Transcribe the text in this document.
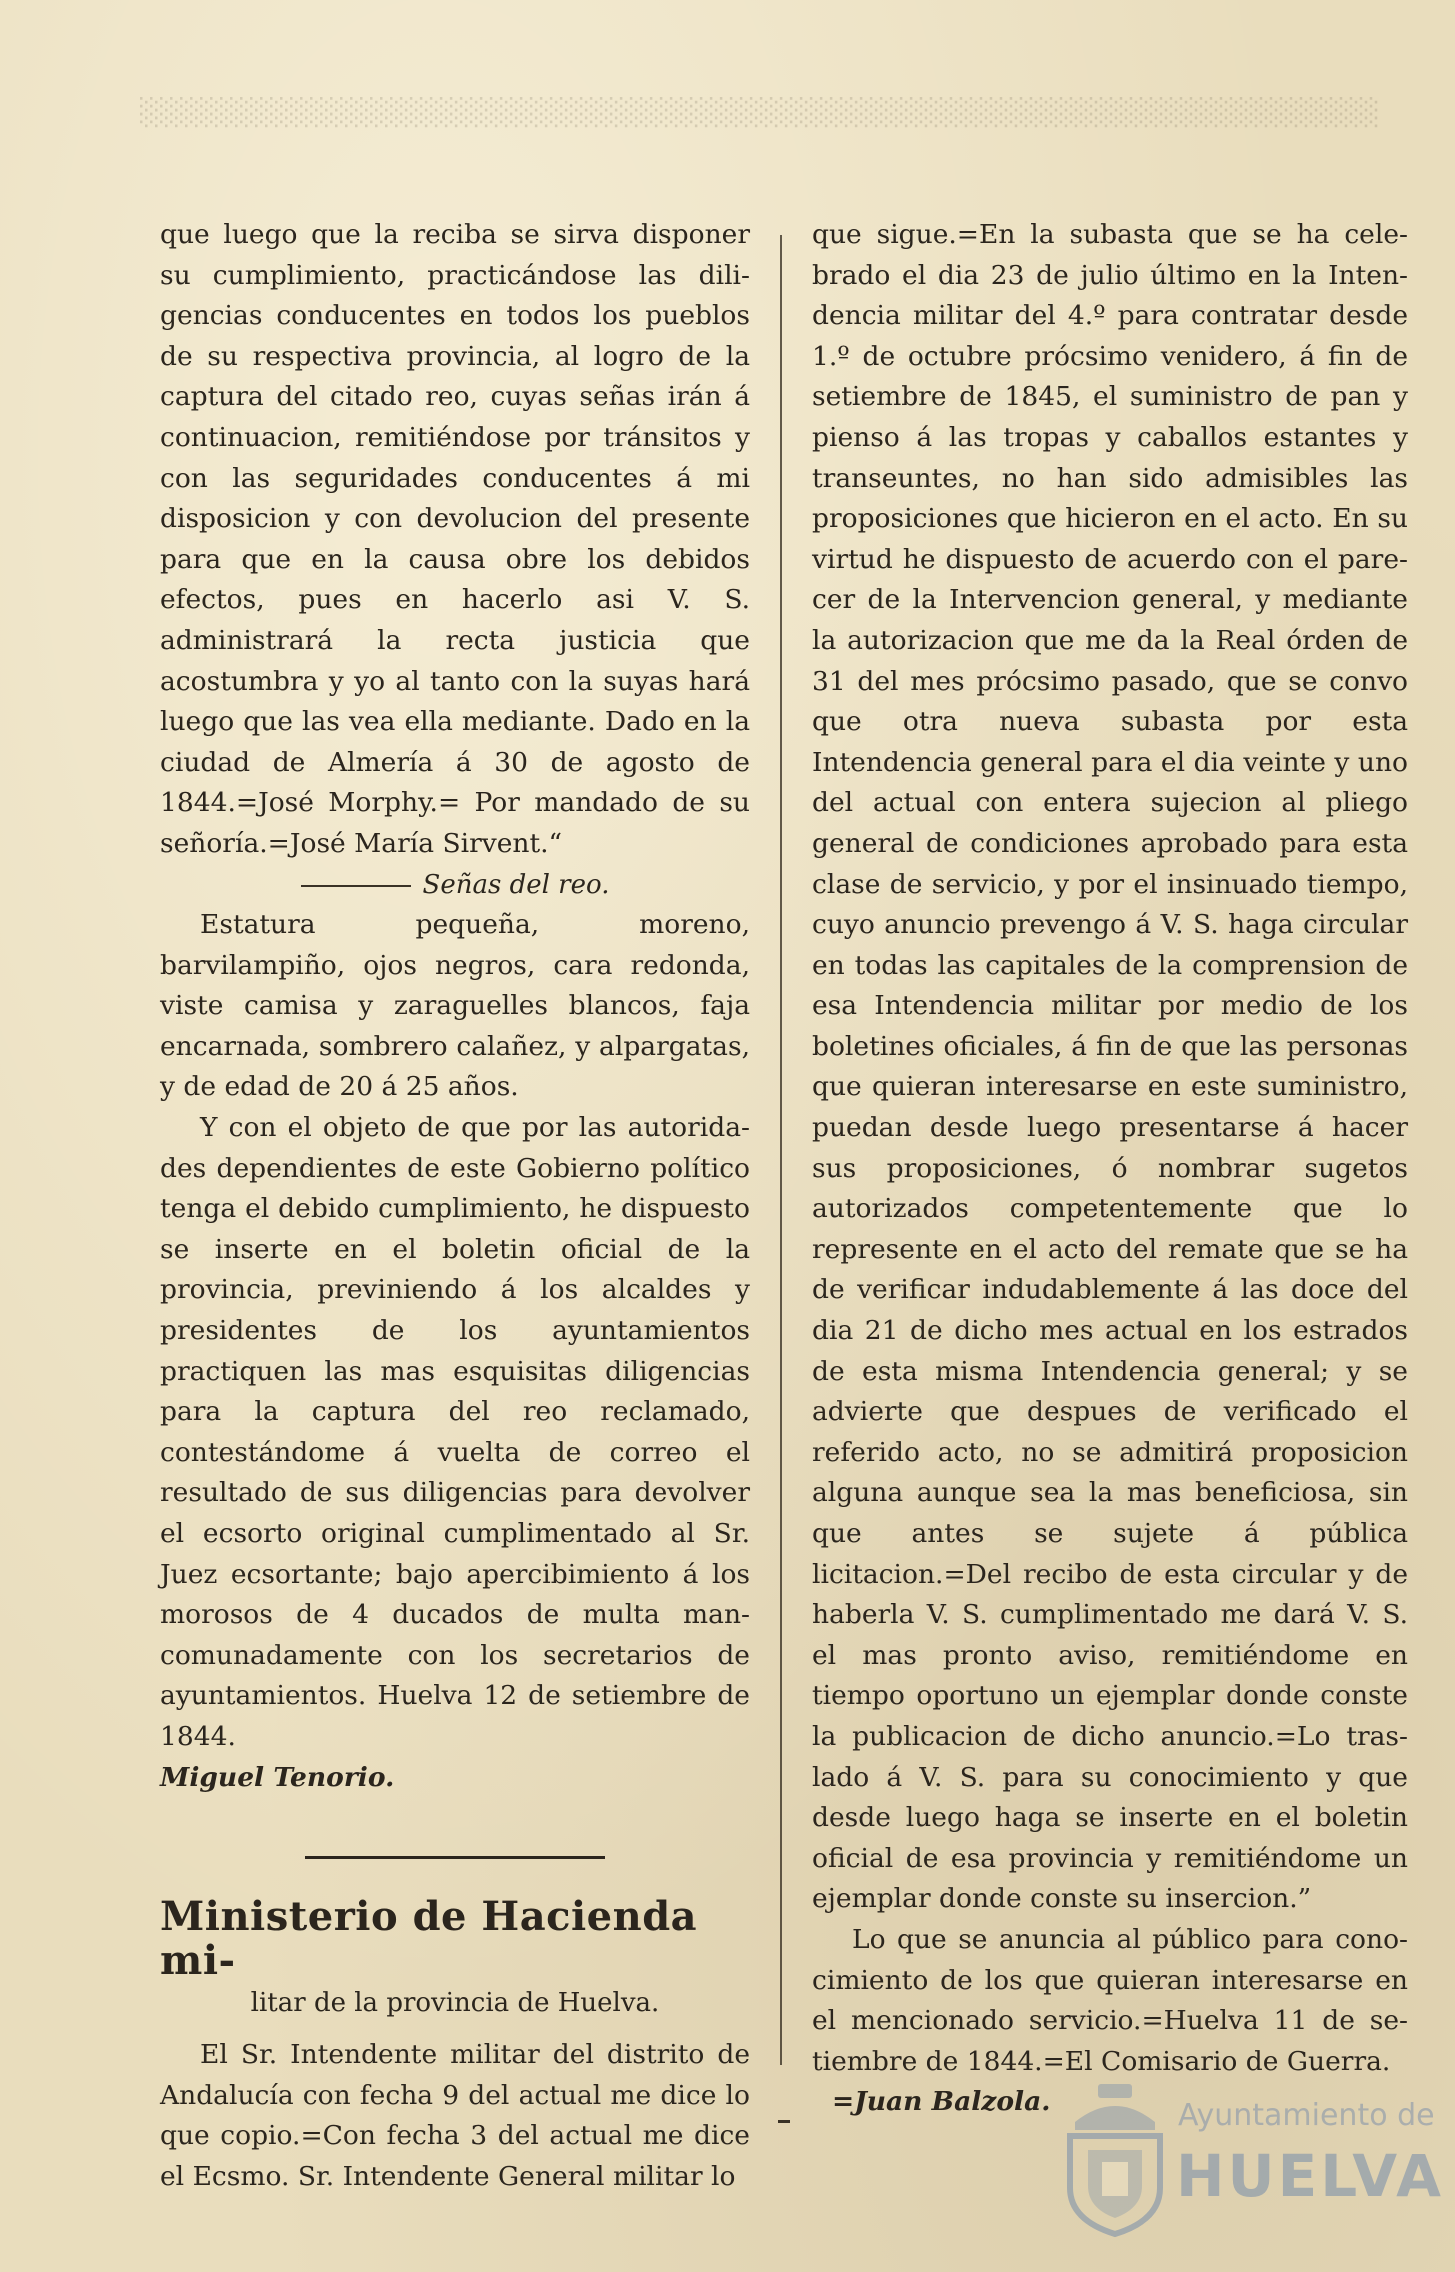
░░░░░░░░░░░░░░░░░░░░░░░░░░░░░░░░░░░░░░░░░░░░░░░░░░░░░░░░░░░░░░

que luego que la reciba se sirva disponer su cumplimiento, practicándose las diligencias conducentes en todos los pueblos de su respectiva provincia, al logro de la captura del citado reo, cuyas señas irán á continuacion, remitiéndose por tránsitos y con las seguridades conducentes á mi disposicion y con devolucion del presente para que en la causa obre los debidos efectos, pues en hacerlo asi V. S. administrará la recta justicia que acostumbra y yo al tanto con la suyas hará luego que las vea ella mediante. Dado en la ciudad de Almería á 30 de agosto de 1844.=José Morphy.= Por mandado de su señoría.=José María Sirvent.“

Señas del reo.

Estatura pequeña, moreno, barvilampiño, ojos negros, cara redonda, viste camisa y zaraguelles blancos, faja encarnada, sombrero calañez, y alpargatas, y de edad de 20 á 25 años.

Y con el objeto de que por las autoridades dependientes de este Gobierno político tenga el debido cumplimiento, he dispuesto se inserte en el boletin oficial de la provincia, previniendo á los alcaldes y presidentes de los ayuntamientos practiquen las mas esquisitas diligencias para la captura del reo reclamado, contestándome á vuelta de correo el resultado de sus diligencias para devolver el ecsorto original cumplimentado al Sr. Juez ecsortante; bajo apercibimiento á los morosos de 4 ducados de multa mancomunadamente con los secretarios de ayuntamientos. Huelva 12 de setiembre de 1844.

Miguel Tenorio.

Ministerio de Hacienda mi-
litar de la provincia de Huelva.

El Sr. Intendente militar del distrito de Andalucía con fecha 9 del actual me dice lo que copio.=Con fecha 3 del actual me dice el Ecsmo. Sr. Intendente General militar lo

que sigue.=En la subasta que se ha celebrado el dia 23 de julio último en la Intendencia militar del 4.º para contratar desde 1.º de octubre prócsimo venidero, á fin de setiembre de 1845, el suministro de pan y pienso á las tropas y caballos estantes y transeuntes, no han sido admisibles las proposiciones que hicieron en el acto. En su virtud he dispuesto de acuerdo con el parecer de la Intervencion general, y mediante la autorizacion que me da la Real órden de 31 del mes prócsimo pasado, que se convo que otra nueva subasta por esta Intendencia general para el dia veinte y uno del actual con entera sujecion al pliego general de condiciones aprobado para esta clase de servicio, y por el insinuado tiempo, cuyo anuncio prevengo á V. S. haga circular en todas las capitales de la comprension de esa Intendencia militar por medio de los boletines oficiales, á fin de que las personas que quieran interesarse en este suministro, puedan desde luego presentarse á hacer sus proposiciones, ó nombrar sugetos autorizados competentemente que lo represente en el acto del remate que se ha de verificar indudablemente á las doce del dia 21 de dicho mes actual en los estrados de esta misma Intendencia general; y se advierte que despues de verificado el referido acto, no se admitirá proposicion alguna aunque sea la mas beneficiosa, sin que antes se sujete á pública licitacion.=Del recibo de esta circular y de haberla V. S. cumplimentado me dará V. S. el mas pronto aviso, remitiéndome en tiempo oportuno un ejemplar donde conste la publicacion de dicho anuncio.=Lo traslado á V. S. para su conocimiento y que desde luego haga se inserte en el boletin oficial de esa provincia y remitiéndome un ejemplar donde conste su insercion.”

Lo que se anuncia al público para conocimiento de los que quieran interesarse en el mencionado servicio.=Huelva 11 de setiembre de 1844.=El Comisario de Guerra.

=Juan Balzola.	Ayuntamiento de
HUELVA
